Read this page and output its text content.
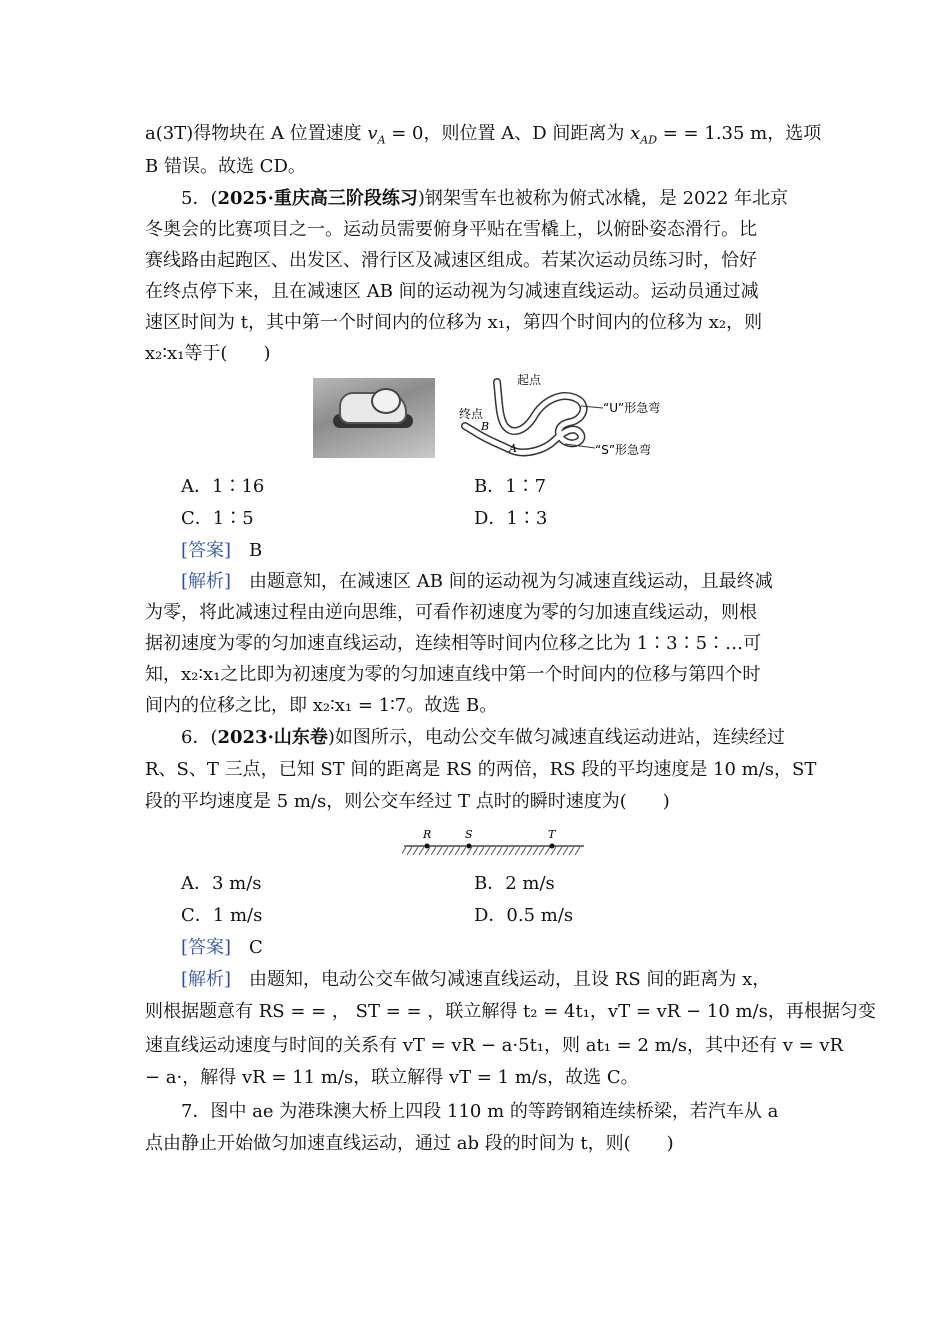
a(3T)得物块在 A 位置速度 $v_A = 0$，则位置 A、D 间距离为 $x_{AD}$ = = 1.35 m，选项
B 错误。故选 CD。
5．(2025·重庆高三阶段练习)钢架雪车也被称为俯式冰橇，是 2022 年北京
冬奥会的比赛项目之一。运动员需要俯身平贴在雪橇上，以俯卧姿态滑行。比
赛线路由起跑区、出发区、滑行区及减速区组成。若某次运动员练习时，恰好
在终点停下来，且在减速区 AB 间的运动视为匀减速直线运动。运动员通过减
速区时间为 t，其中第一个时间内的位移为 x₁，第四个时间内的位移为 x₂，则
x₂∶x₁等于(　　)
起点
终点	“U”形急弯
“S”形急弯
A
B
A．1∶16	B．1∶7
C．1∶5	D．1∶3
[答案]　 B
[解析]　 由题意知，在减速区 AB 间的运动视为匀减速直线运动，且最终减
为零，将此减速过程由逆向思维，可看作初速度为零的匀加速直线运动，则根
据初速度为零的匀加速直线运动，连续相等时间内位移之比为 1∶3∶5∶…可
知，x₂∶x₁之比即为初速度为零的匀加速直线中第一个时间内的位移与第四个时
间内的位移之比，即 x₂∶x₁ = 1∶7。故选 B。
6．(2023·山东卷)如图所示，电动公交车做匀减速直线运动进站，连续经过
R、S、T 三点，已知 ST 间的距离是 RS 的两倍，RS 段的平均速度是 10 m/s，ST
段的平均速度是 5 m/s，则公交车经过 T 点时的瞬时速度为(　　)
R	S	T
A．3 m/s	B．2 m/s
C．1 m/s	D．0.5 m/s
[答案]　 C
[解析]　 由题知，电动公交车做匀减速直线运动，且设 RS 间的距离为 x，
则根据题意有 RS = = ， ST = = ，联立解得 t₂ = 4t₁，vT = vR − 10 m/s，再根据匀变
速直线运动速度与时间的关系有 vT = vR − a·5t₁，则 at₁ = 2 m/s，其中还有 v = vR
− a·，解得 vR = 11 m/s，联立解得 vT = 1 m/s，故选 C。
7．图中 ae 为港珠澳大桥上四段 110 m 的等跨钢箱连续桥梁，若汽车从 a
点由静止开始做匀加速直线运动，通过 ab 段的时间为 t，则(　　)
